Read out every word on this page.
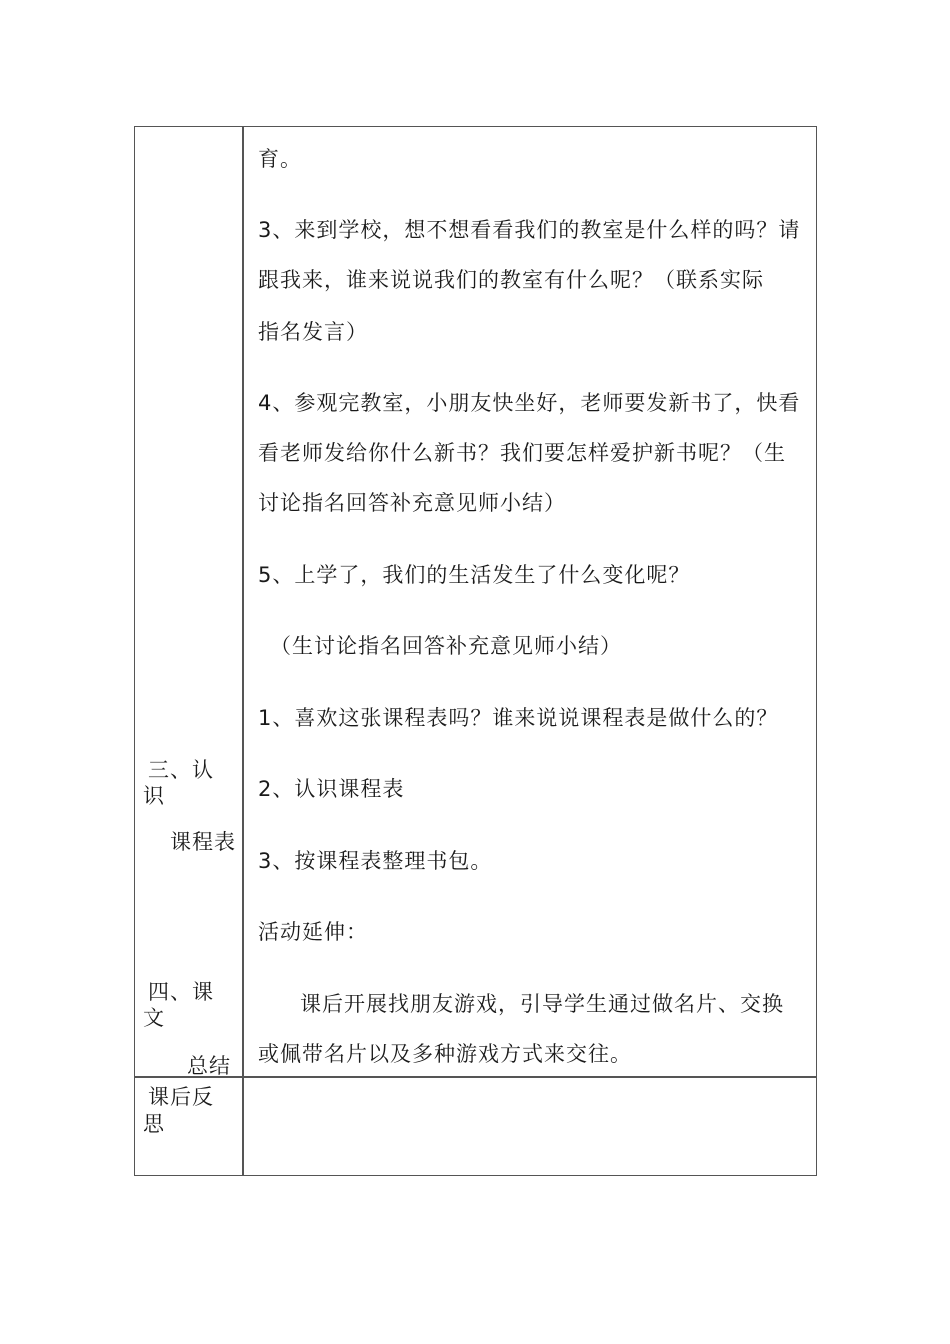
三、认
识
课程表
四、课
文
总结
课后反
思
育。
3、来到学校，想不想看看我们的教室是什么样的吗？请
跟我来，谁来说说我们的教室有什么呢？（联系实际
指名发言）
4、参观完教室，小朋友快坐好，老师要发新书了，快看
看老师发给你什么新书？我们要怎样爱护新书呢？（生
讨论指名回答补充意见师小结）
5、上学了，我们的生活发生了什么变化呢？
（生讨论指名回答补充意见师小结）
1、喜欢这张课程表吗？谁来说说课程表是做什么的？
2、认识课程表
3、按课程表整理书包。
活动延伸：
课后开展找朋友游戏，引导学生通过做名片、交换
或佩带名片以及多种游戏方式来交往。
